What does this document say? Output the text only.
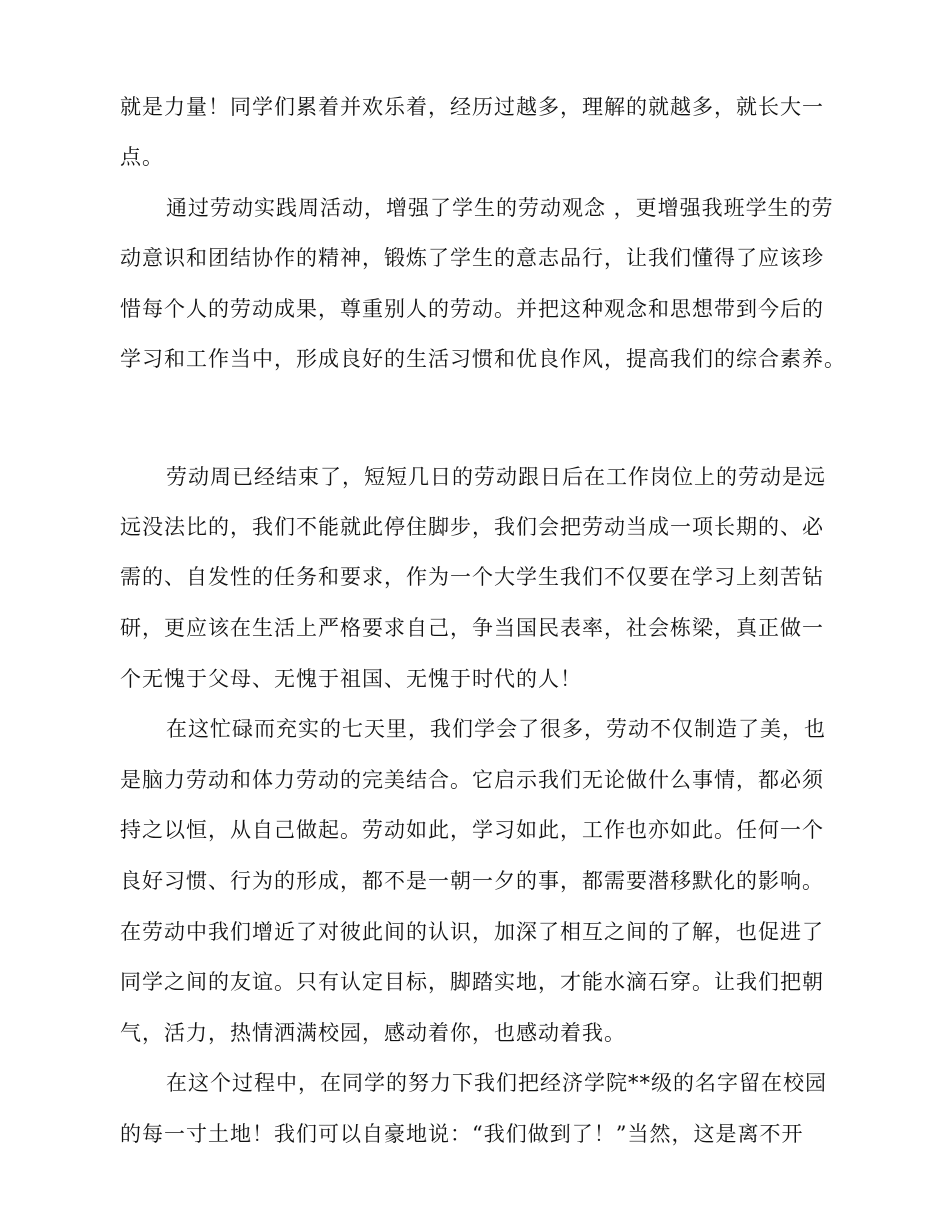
就是力量！同学们累着并欢乐着，经历过越多，理解的就越多，就长大一
点。
通过劳动实践周活动，增强了学生的劳动观念 ，更增强我班学生的劳
动意识和团结协作的精神，锻炼了学生的意志品行，让我们懂得了应该珍
惜每个人的劳动成果，尊重别人的劳动。并把这种观念和思想带到今后的
学习和工作当中，形成良好的生活习惯和优良作风，提高我们的综合素养。
劳动周已经结束了，短短几日的劳动跟日后在工作岗位上的劳动是远
远没法比的，我们不能就此停住脚步，我们会把劳动当成一项长期的、必
需的、自发性的任务和要求，作为一个大学生我们不仅要在学习上刻苦钻
研，更应该在生活上严格要求自己，争当国民表率，社会栋梁，真正做一
个无愧于父母、无愧于祖国、无愧于时代的人！
在这忙碌而充实的七天里，我们学会了很多，劳动不仅制造了美，也
是脑力劳动和体力劳动的完美结合。它启示我们无论做什么事情，都必须
持之以恒，从自己做起。劳动如此，学习如此，工作也亦如此。任何一个
良好习惯、行为的形成，都不是一朝一夕的事，都需要潜移默化的影响。
在劳动中我们增近了对彼此间的认识，加深了相互之间的了解，也促进了
同学之间的友谊。只有认定目标，脚踏实地，才能水滴石穿。让我们把朝
气，活力，热情洒满校园，感动着你，也感动着我。
在这个过程中，在同学的努力下我们把经济学院**级的名字留在校园
的每一寸土地！我们可以自豪地说：“我们做到了！”当然，这是离不开
